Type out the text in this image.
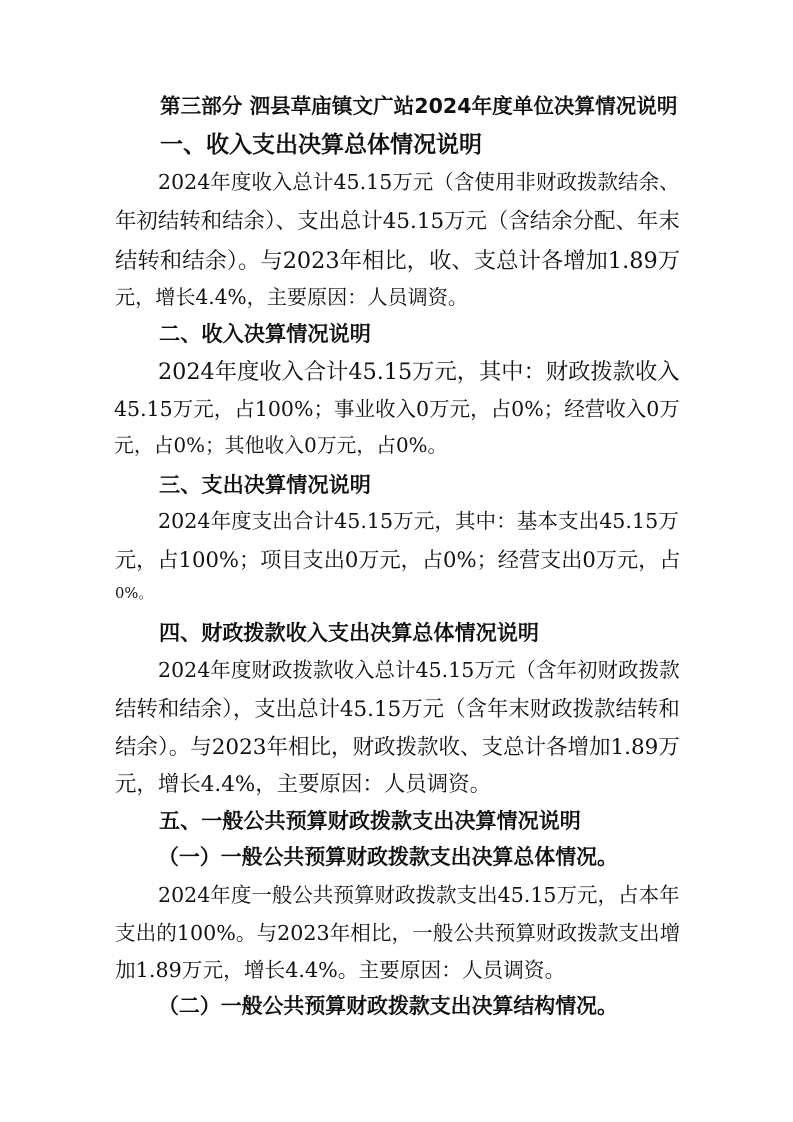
第三部分 泗县草庙镇文广站2024年度单位决算情况说明
一、收入支出决算总体情况说明
2024年度收入总计45.15万元（含使用非财政拨款结余、
年初结转和结余）、支出总计45.15万元（含结余分配、年末
结转和结余）。与2023年相比，收、支总计各增加1.89万
元，增长4.4%，主要原因：人员调资。
二、收入决算情况说明
2024年度收入合计45.15万元，其中：财政拨款收入
45.15万元，占100%；事业收入0万元，占0%；经营收入0万
元，占0%；其他收入0万元，占0%。
三、支出决算情况说明
2024年度支出合计45.15万元，其中：基本支出45.15万
元，占100%；项目支出0万元，占0%；经营支出0万元，占
0%。
四、财政拨款收入支出决算总体情况说明
2024年度财政拨款收入总计45.15万元（含年初财政拨款
结转和结余），支出总计45.15万元（含年末财政拨款结转和
结余）。与2023年相比，财政拨款收、支总计各增加1.89万
元，增长4.4%，主要原因：人员调资。
五、一般公共预算财政拨款支出决算情况说明
（一）一般公共预算财政拨款支出决算总体情况。
2024年度一般公共预算财政拨款支出45.15万元，占本年
支出的100%。与2023年相比，一般公共预算财政拨款支出增
加1.89万元，增长4.4%。主要原因：人员调资。
（二）一般公共预算财政拨款支出决算结构情况。
